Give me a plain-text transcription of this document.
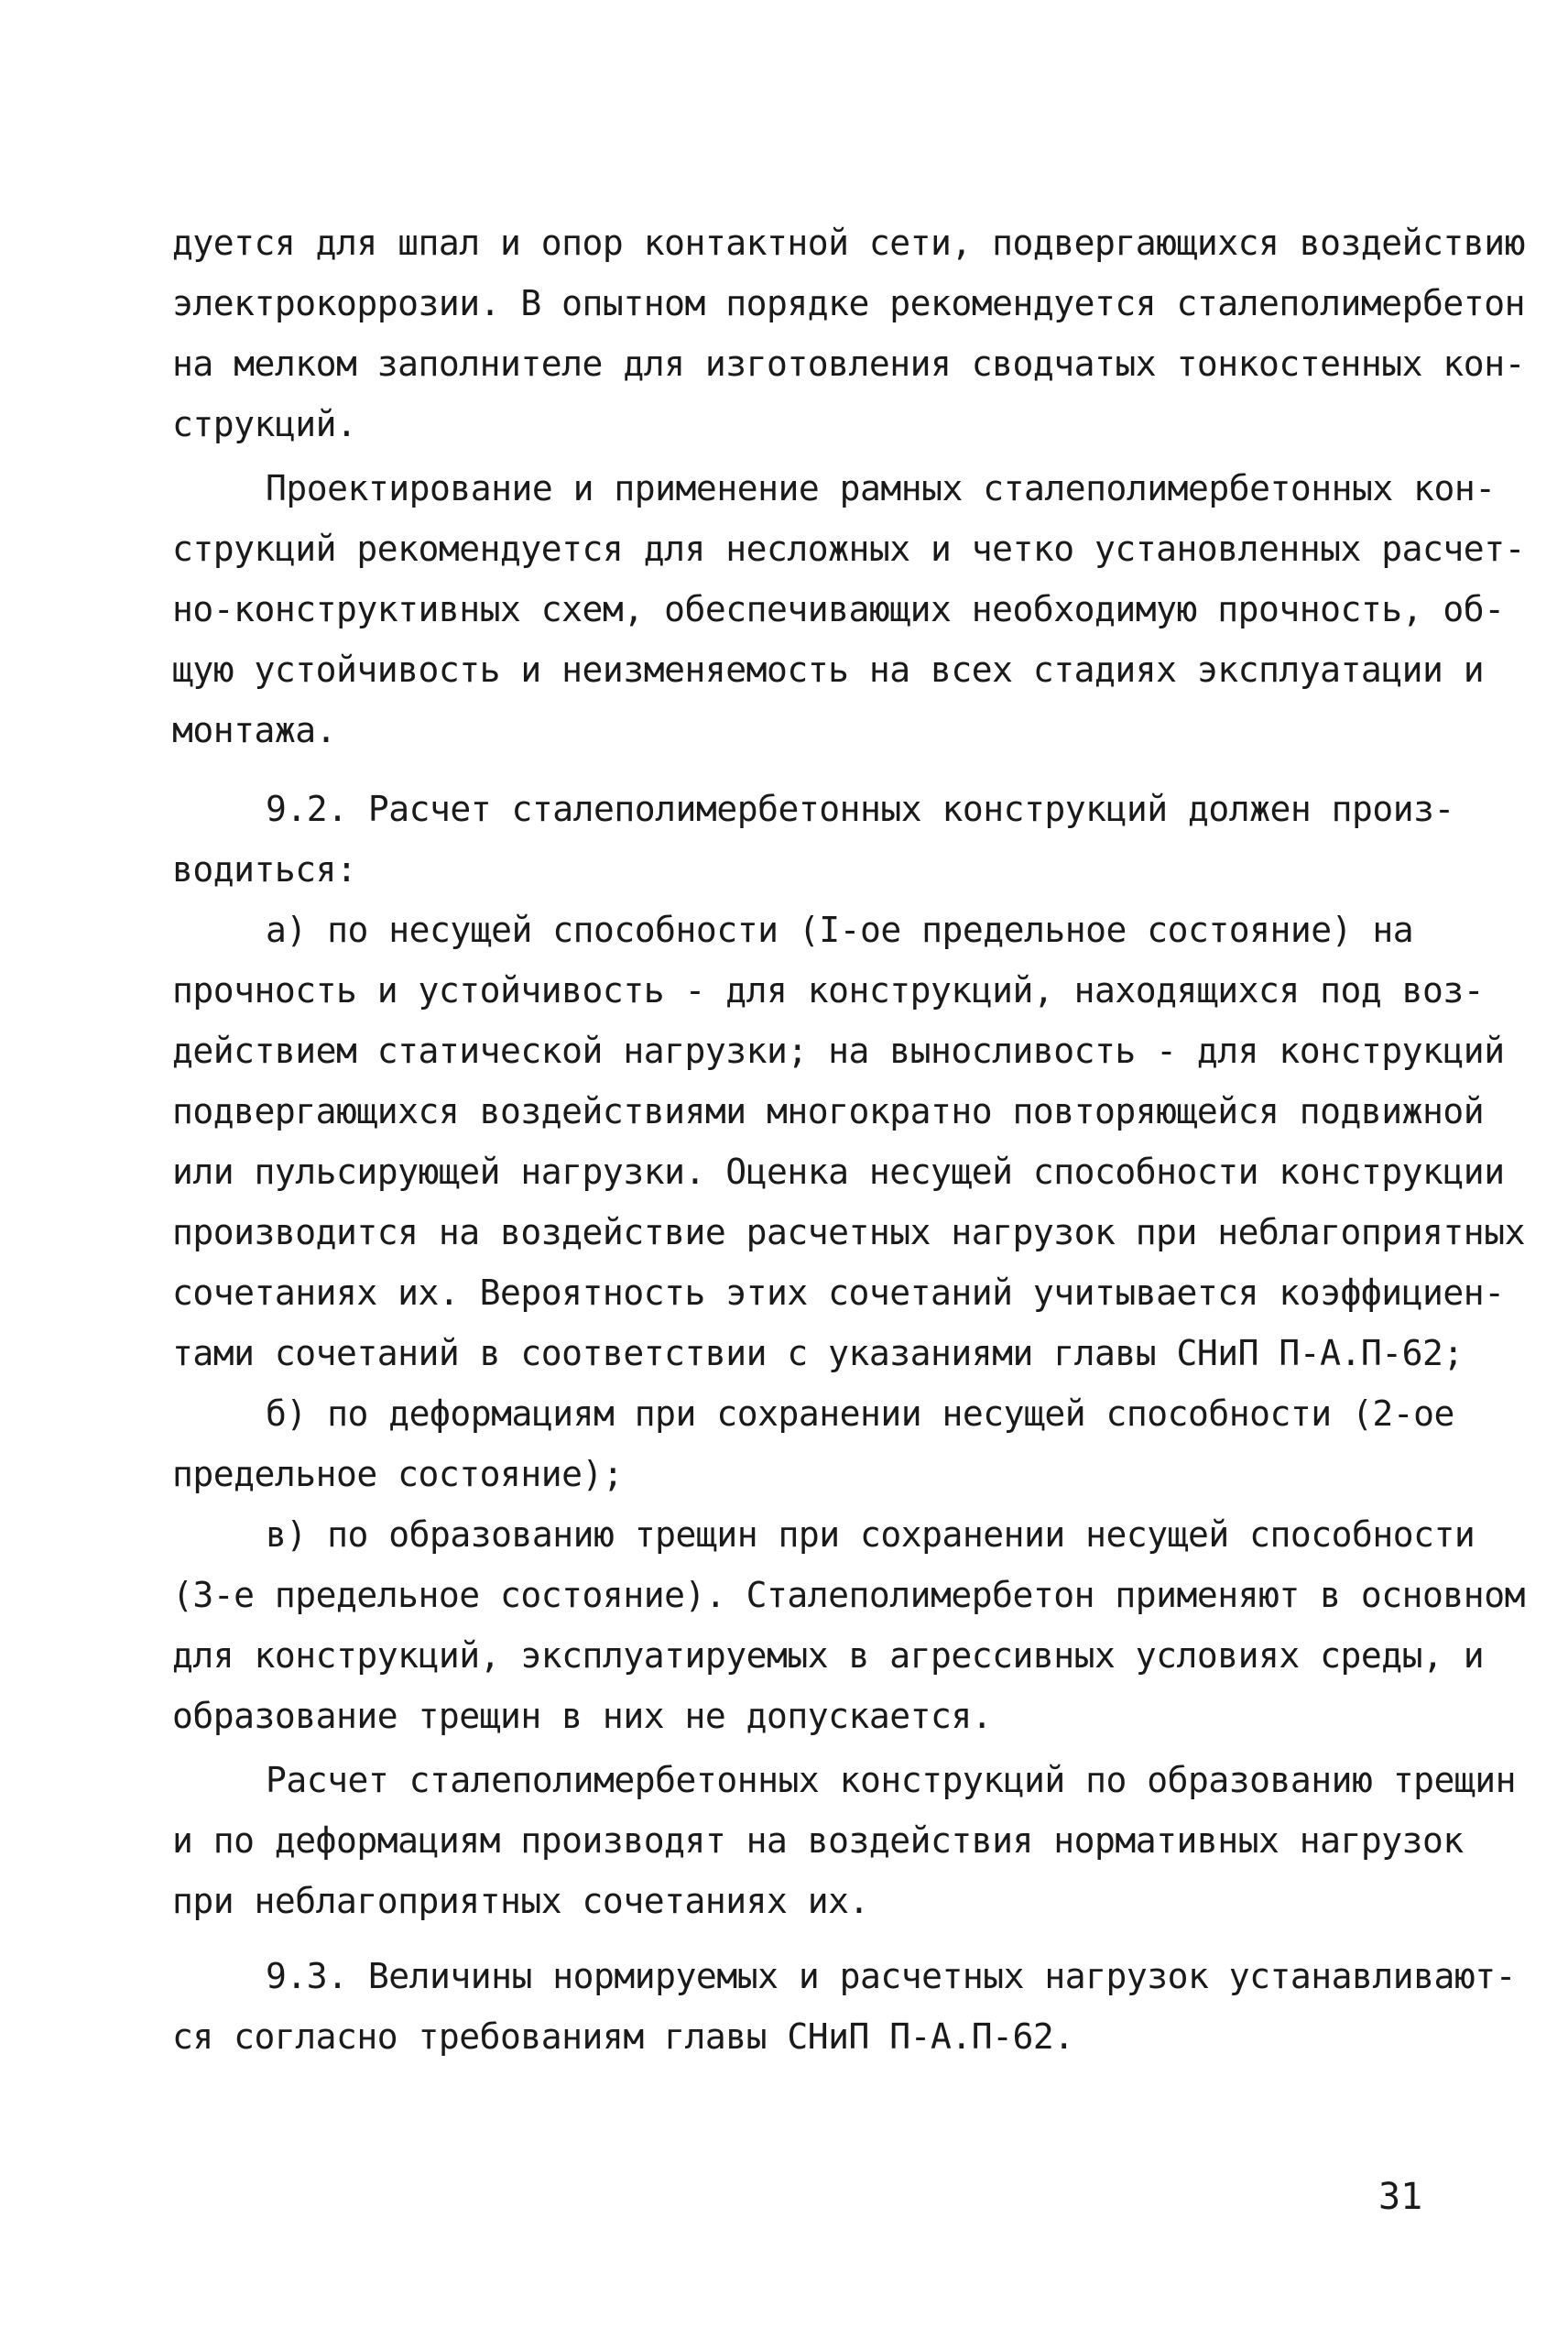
дуется для шпал и опор контактной сети, подвергающихся воздействию
электрокоррозии. В опытном порядке рекомендуется сталеполимербетон
на мелком заполнителе для изготовления сводчатых тонкостенных кон-
струкций.
Проектирование и применение рамных сталеполимербетонных кон-
струкций рекомендуется для несложных и четко установленных расчет-
но-конструктивных схем, обеспечивающих необходимую прочность, об-
щую устойчивость и неизменяемость на всех стадиях эксплуатации и
монтажа.
9.2. Расчет сталеполимербетонных конструкций должен произ-
водиться:
а) по несущей способности (I-ое предельное состояние) на
прочность и устойчивость - для конструкций, находящихся под воз-
действием статической нагрузки; на выносливость - для конструкций
подвергающихся воздействиями многократно повторяющейся подвижной
или пульсирующей нагрузки. Оценка несущей способности конструкции
производится на воздействие расчетных нагрузок при неблагоприятных
сочетаниях их. Вероятность этих сочетаний учитывается коэффициен-
тами сочетаний в соответствии с указаниями главы СНиП П-А.П-62;
б) по деформациям при сохранении несущей способности (2-ое
предельное состояние);
в) по образованию трещин при сохранении несущей способности
(3-е предельное состояние). Сталеполимербетон применяют в основном
для конструкций, эксплуатируемых в агрессивных условиях среды, и
образование трещин в них не допускается.
Расчет сталеполимербетонных конструкций по образованию трещин
и по деформациям производят на воздействия нормативных нагрузок
при неблагоприятных сочетаниях их.
9.3. Величины нормируемых и расчетных нагрузок устанавливают-
ся согласно требованиям главы СНиП П-А.П-62.
31
